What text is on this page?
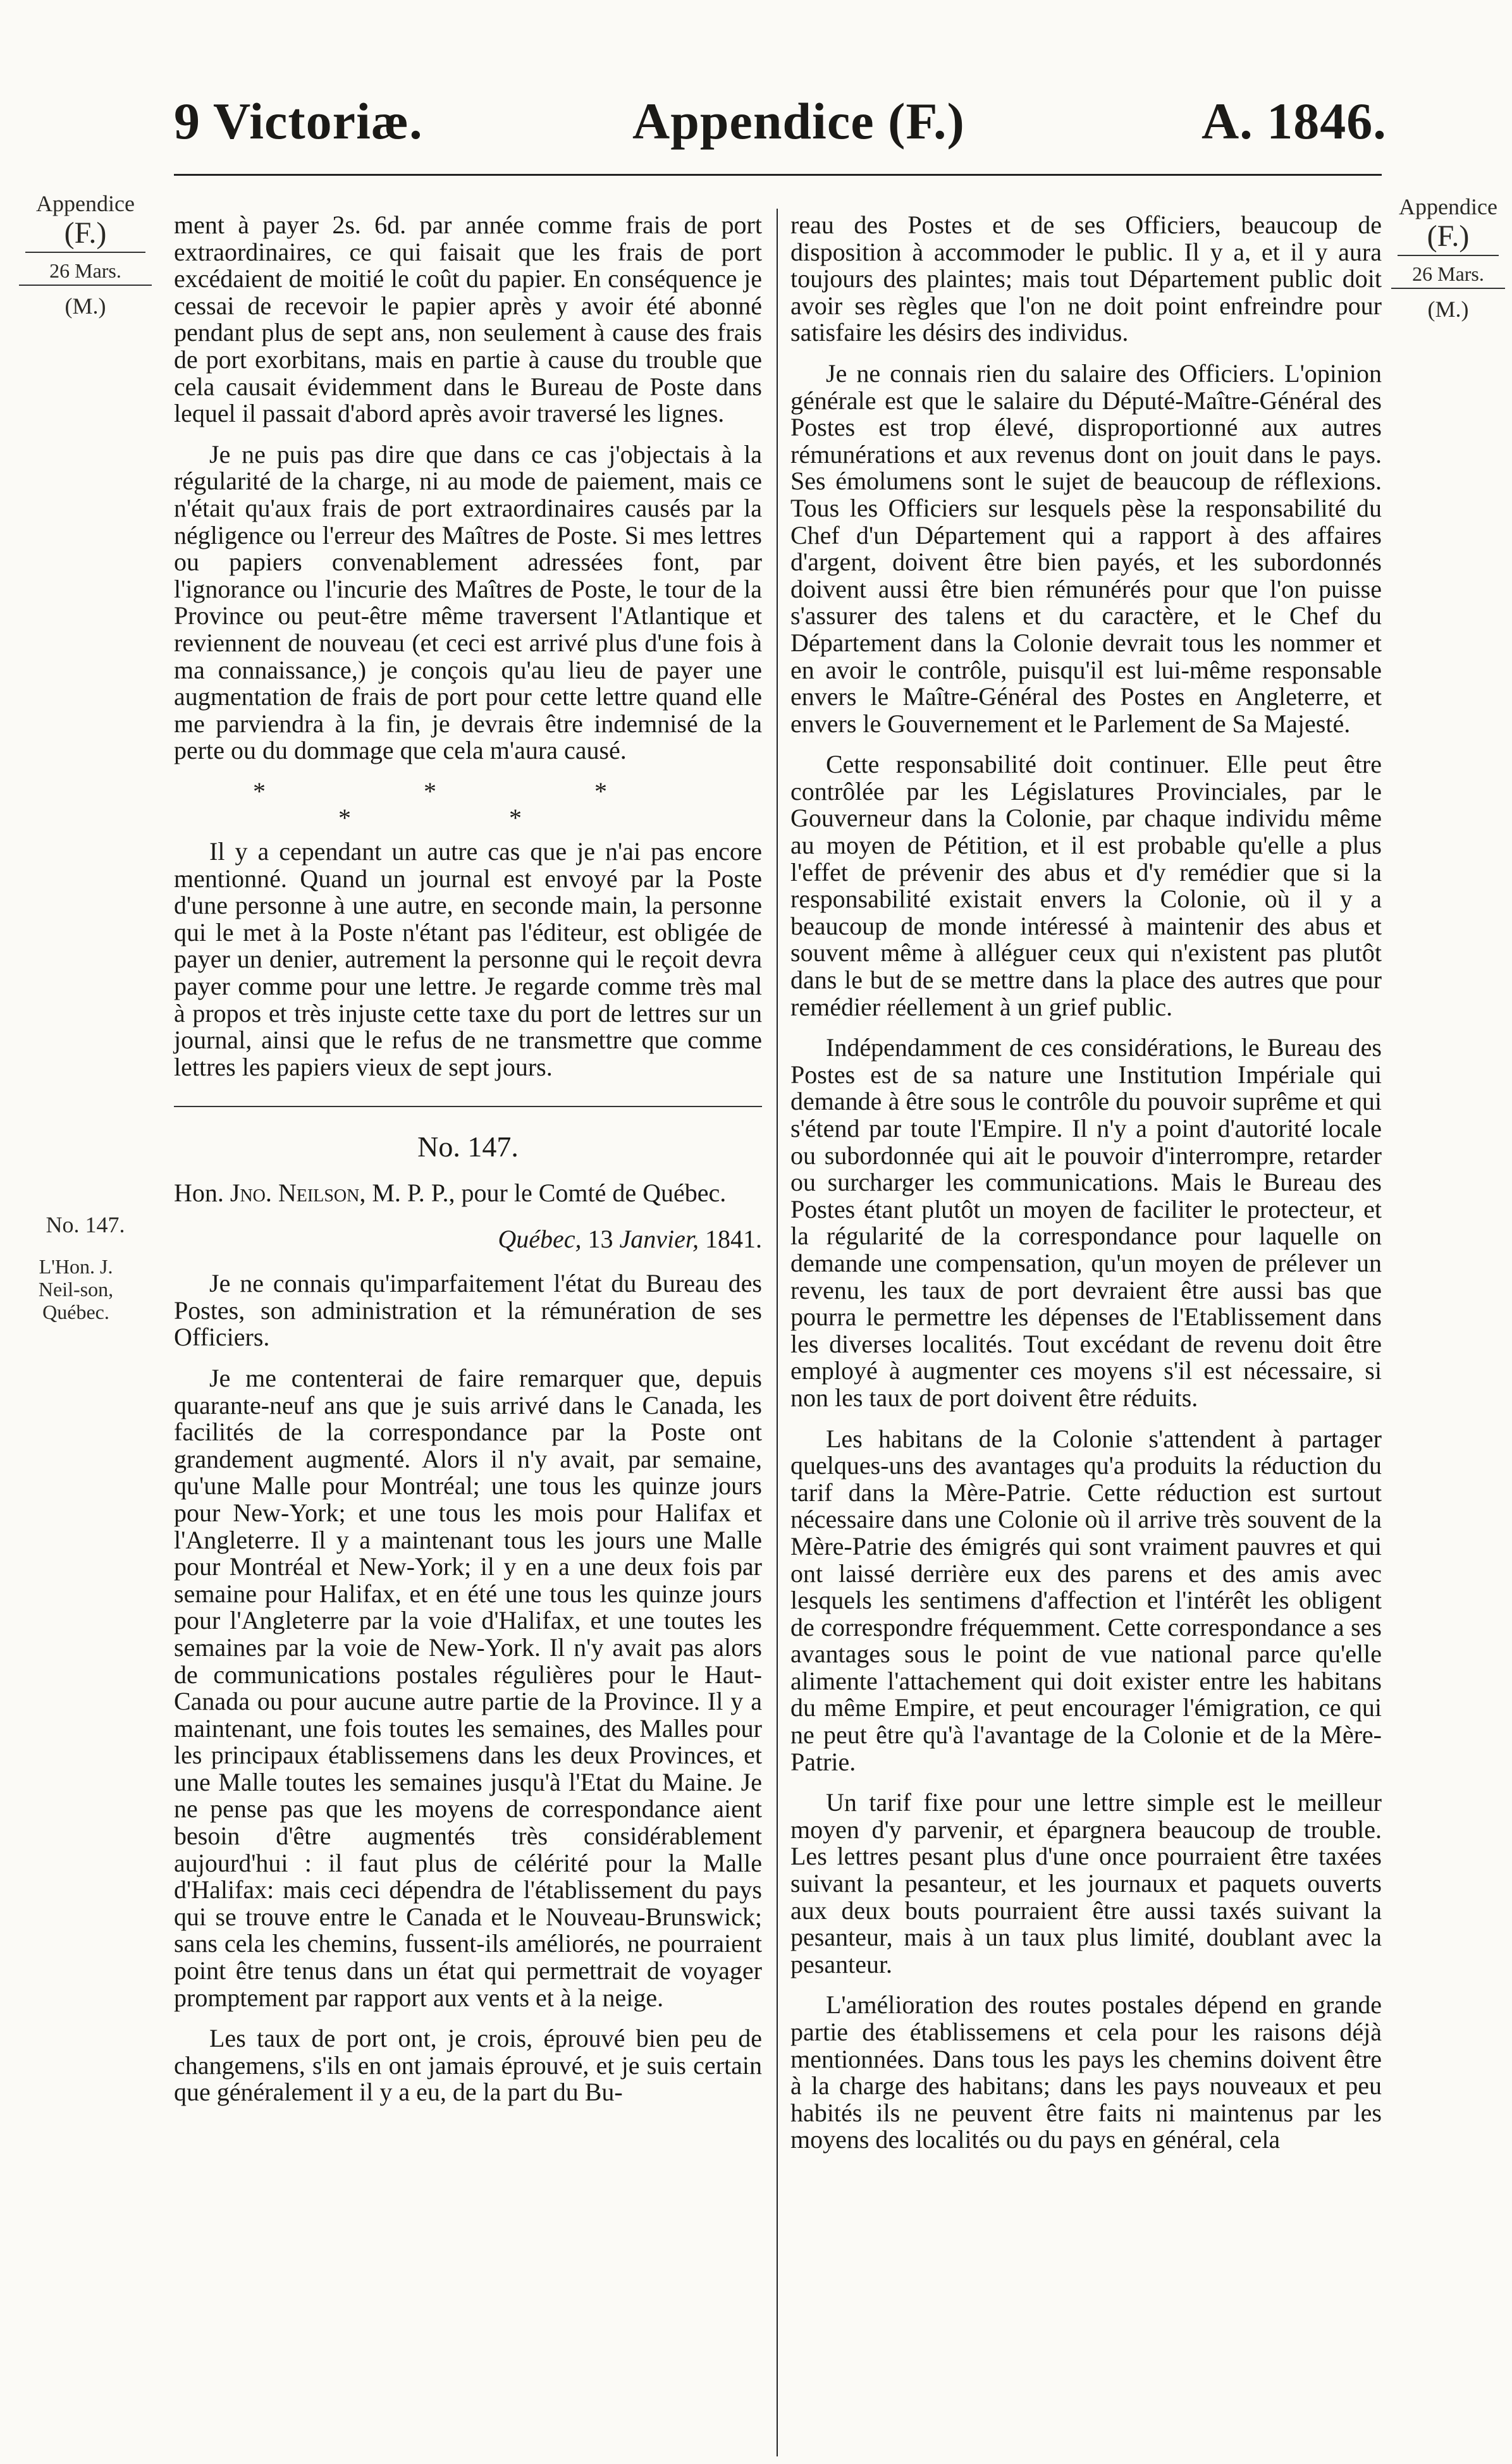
9 Victoriæ.	Appendice (F.)	A. 1846.
Appendice
(F.)
26 Mars.
(M.)
No. 147.
L'Hon. J. Neil-son, Québec.
Appendice
(F.)
26 Mars.
(M.)

ment à payer 2s. 6d. par année comme frais de port extraordinaires, ce qui faisait que les frais de port excédaient de moitié le coût du papier. En conséquence je cessai de recevoir le papier après y avoir été abonné pendant plus de sept ans, non seulement à cause des frais de port exorbitans, mais en partie à cause du trouble que cela causait évidemment dans le Bureau de Poste dans lequel il passait d'abord après avoir traversé les lignes.

Je ne puis pas dire que dans ce cas j'objectais à la régularité de la charge, ni au mode de paiement, mais ce n'était qu'aux frais de port extraordinaires causés par la négligence ou l'erreur des Maîtres de Poste. Si mes lettres ou papiers convenablement adressées font, par l'ignorance ou l'incurie des Maîtres de Poste, le tour de la Province ou peut-être même traversent l'Atlantique et reviennent de nouveau (et ceci est arrivé plus d'une fois à ma connaissance,) je conçois qu'au lieu de payer une augmentation de frais de port pour cette lettre quand elle me parviendra à la fin, je devrais être indemnisé de la perte ou du dommage que cela m'aura causé.

* * * * *

Il y a cependant un autre cas que je n'ai pas encore mentionné. Quand un journal est envoyé par la Poste d'une personne à une autre, en seconde main, la personne qui le met à la Poste n'étant pas l'éditeur, est obligée de payer un denier, autrement la personne qui le reçoit devra payer comme pour une lettre. Je regarde comme très mal à propos et très injuste cette taxe du port de lettres sur un journal, ainsi que le refus de ne transmettre que comme lettres les papiers vieux de sept jours.

No. 147.
Hon. Jno. Neilson, M. P. P., pour le Comté de Québec.
Québec, 13 Janvier, 1841.

Je ne connais qu'imparfaitement l'état du Bureau des Postes, son administration et la rémunération de ses Officiers.

Je me contenterai de faire remarquer que, depuis quarante-neuf ans que je suis arrivé dans le Canada, les facilités de la correspondance par la Poste ont grandement augmenté. Alors il n'y avait, par semaine, qu'une Malle pour Montréal; une tous les quinze jours pour New-York; et une tous les mois pour Halifax et l'Angleterre. Il y a maintenant tous les jours une Malle pour Montréal et New-York; il y en a une deux fois par semaine pour Halifax, et en été une tous les quinze jours pour l'Angleterre par la voie d'Halifax, et une toutes les semaines par la voie de New-York. Il n'y avait pas alors de communications postales régulières pour le Haut-Canada ou pour aucune autre partie de la Province. Il y a maintenant, une fois toutes les semaines, des Malles pour les principaux établissemens dans les deux Provinces, et une Malle toutes les semaines jusqu'à l'Etat du Maine. Je ne pense pas que les moyens de correspondance aient besoin d'être augmentés très considérablement aujourd'hui : il faut plus de célérité pour la Malle d'Halifax: mais ceci dépendra de l'établissement du pays qui se trouve entre le Canada et le Nouveau-Brunswick; sans cela les chemins, fussent-ils améliorés, ne pourraient point être tenus dans un état qui permettrait de voyager promptement par rapport aux vents et à la neige.

Les taux de port ont, je crois, éprouvé bien peu de changemens, s'ils en ont jamais éprouvé, et je suis certain que généralement il y a eu, de la part du Bu-

reau des Postes et de ses Officiers, beaucoup de disposition à accommoder le public. Il y a, et il y aura toujours des plaintes; mais tout Département public doit avoir ses règles que l'on ne doit point enfreindre pour satisfaire les désirs des individus.

Je ne connais rien du salaire des Officiers. L'opinion générale est que le salaire du Député-Maître-Général des Postes est trop élevé, disproportionné aux autres rémunérations et aux revenus dont on jouit dans le pays. Ses émolumens sont le sujet de beaucoup de réflexions. Tous les Officiers sur lesquels pèse la responsabilité du Chef d'un Département qui a rapport à des affaires d'argent, doivent être bien payés, et les subordonnés doivent aussi être bien rémunérés pour que l'on puisse s'assurer des talens et du caractère, et le Chef du Département dans la Colonie devrait tous les nommer et en avoir le contrôle, puisqu'il est lui-même responsable envers le Maître-Général des Postes en Angleterre, et envers le Gouvernement et le Parlement de Sa Majesté.

Cette responsabilité doit continuer. Elle peut être contrôlée par les Législatures Provinciales, par le Gouverneur dans la Colonie, par chaque individu même au moyen de Pétition, et il est probable qu'elle a plus l'effet de prévenir des abus et d'y remédier que si la responsabilité existait envers la Colonie, où il y a beaucoup de monde intéressé à maintenir des abus et souvent même à alléguer ceux qui n'existent pas plutôt dans le but de se mettre dans la place des autres que pour remédier réellement à un grief public.

Indépendamment de ces considérations, le Bureau des Postes est de sa nature une Institution Impériale qui demande à être sous le contrôle du pouvoir suprême et qui s'étend par toute l'Empire. Il n'y a point d'autorité locale ou subordonnée qui ait le pouvoir d'interrompre, retarder ou surcharger les communications. Mais le Bureau des Postes étant plutôt un moyen de faciliter le protecteur, et la régularité de la correspondance pour laquelle on demande une compensation, qu'un moyen de prélever un revenu, les taux de port devraient être aussi bas que pourra le permettre les dépenses de l'Etablissement dans les diverses localités. Tout excédant de revenu doit être employé à augmenter ces moyens s'il est nécessaire, si non les taux de port doivent être réduits.

Les habitans de la Colonie s'attendent à partager quelques-uns des avantages qu'a produits la réduction du tarif dans la Mère-Patrie. Cette réduction est surtout nécessaire dans une Colonie où il arrive très souvent de la Mère-Patrie des émigrés qui sont vraiment pauvres et qui ont laissé derrière eux des parens et des amis avec lesquels les sentimens d'affection et l'intérêt les obligent de correspondre fréquemment. Cette correspondance a ses avantages sous le point de vue national parce qu'elle alimente l'attachement qui doit exister entre les habitans du même Empire, et peut encourager l'émigration, ce qui ne peut être qu'à l'avantage de la Colonie et de la Mère-Patrie.

Un tarif fixe pour une lettre simple est le meilleur moyen d'y parvenir, et épargnera beaucoup de trouble. Les lettres pesant plus d'une once pourraient être taxées suivant la pesanteur, et les journaux et paquets ouverts aux deux bouts pourraient être aussi taxés suivant la pesanteur, mais à un taux plus limité, doublant avec la pesanteur.

L'amélioration des routes postales dépend en grande partie des établissemens et cela pour les raisons déjà mentionnées. Dans tous les pays les chemins doivent être à la charge des habitans; dans les pays nouveaux et peu habités ils ne peuvent être faits ni maintenus par les moyens des localités ou du pays en général, cela
